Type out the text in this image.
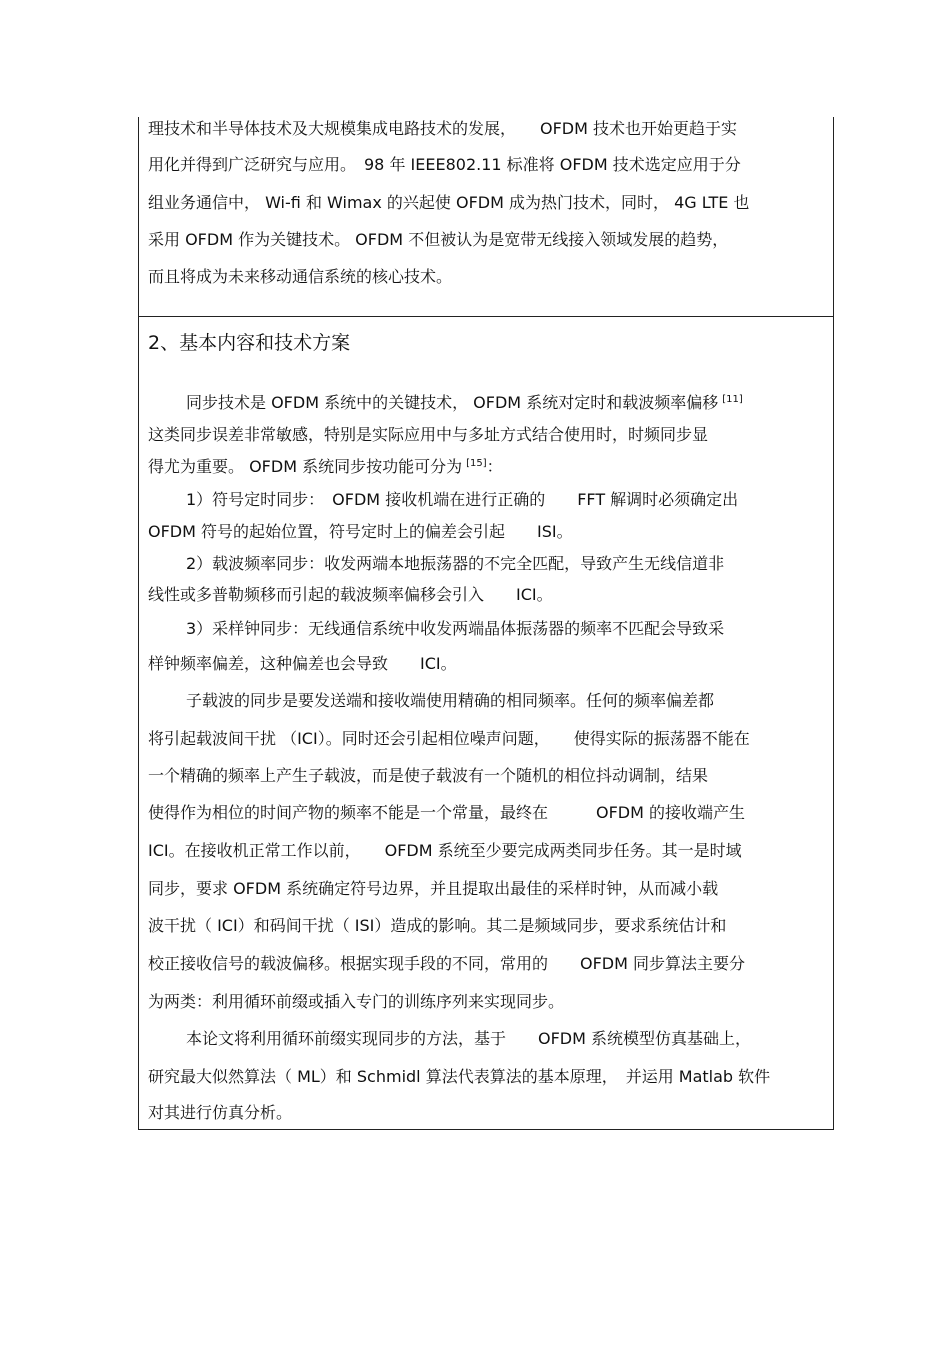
理技术和半导体技术及大规模集成电路技术的发展，　　OFDM 技术也开始更趋于实
用化并得到广泛研究与应用。　98 年 IEEE802.11 标准将 OFDM 技术选定应用于分
组业务通信中， Wi-fi 和 Wimax 的兴起使 OFDM 成为热门技术，同时， 4G LTE 也
采用 OFDM 作为关键技术。 OFDM 不但被认为是宽带无线接入领域发展的趋势，
而且将成为未来移动通信系统的核心技术。
2、基本内容和技术方案
同步技术是 OFDM 系统中的关键技术， OFDM 系统对定时和载波频率偏移 [11]
这类同步误差非常敏感，特别是实际应用中与多址方式结合使用时，时频同步显
得尤为重要。 OFDM 系统同步按功能可分为 [15]：
1）符号定时同步：　OFDM 接收机端在进行正确的　　FFT 解调时必须确定出
OFDM 符号的起始位置，符号定时上的偏差会引起　　ISI。
2）载波频率同步：收发两端本地振荡器的不完全匹配，导致产生无线信道非
线性或多普勒频移而引起的载波频率偏移会引入　　ICI。
3）采样钟同步：无线通信系统中收发两端晶体振荡器的频率不匹配会导致采
样钟频率偏差，这种偏差也会导致　　ICI。
子载波的同步是要发送端和接收端使用精确的相同频率。任何的频率偏差都
将引起载波间干扰 （ICI）。同时还会引起相位噪声问题，　　使得实际的振荡器不能在
一个精确的频率上产生子载波，而是使子载波有一个随机的相位抖动调制，结果
使得作为相位的时间产物的频率不能是一个常量，最终在　　　OFDM 的接收端产生
ICI。在接收机正常工作以前，　　OFDM 系统至少要完成两类同步任务。其一是时域
同步，要求 OFDM 系统确定符号边界，并且提取出最佳的采样时钟，从而减小载
波干扰（ ICI）和码间干扰（ ISI）造成的影响。其二是频域同步，要求系统估计和
校正接收信号的载波偏移。根据实现手段的不同，常用的　　OFDM 同步算法主要分
为两类：利用循环前缀或插入专门的训练序列来实现同步。
本论文将利用循环前缀实现同步的方法，基于　　OFDM 系统模型仿真基础上，
研究最大似然算法（ ML）和 Schmidl 算法代表算法的基本原理，　并运用 Matlab 软件
对其进行仿真分析。
